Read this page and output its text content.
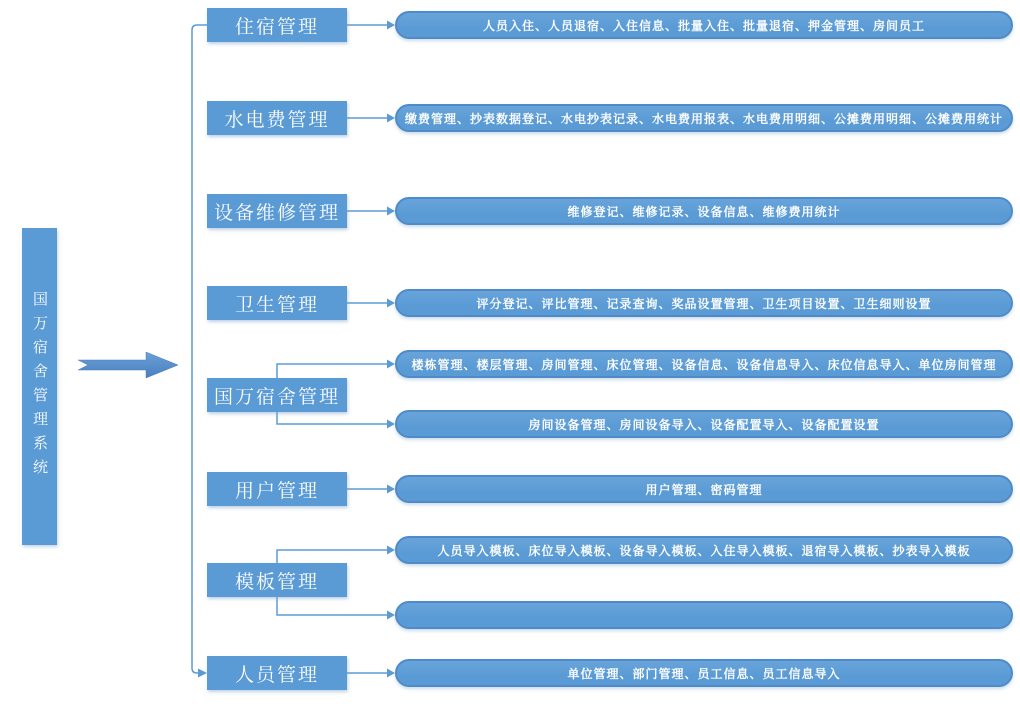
国万宿舍管理系统
住宿管理
水电费管理
设备维修管理
卫生管理
国万宿舍管理
用户管理
模板管理
人员管理
人员入住、人员退宿、入住信息、批量入住、批量退宿、押金管理、房间员工
缴费管理、抄表数据登记、水电抄表记录、水电费用报表、水电费用明细、公摊费用明细、公摊费用统计
维修登记、维修记录、设备信息、维修费用统计
评分登记、评比管理、记录查询、奖品设置管理、卫生项目设置、卫生细则设置
楼栋管理、楼层管理、房间管理、床位管理、设备信息、设备信息导入、床位信息导入、单位房间管理
房间设备管理、房间设备导入、设备配置导入、设备配置设置
用户管理、密码管理
人员导入模板、床位导入模板、设备导入模板、入住导入模板、退宿导入模板、抄表导入模板
单位管理、部门管理、员工信息、员工信息导入
